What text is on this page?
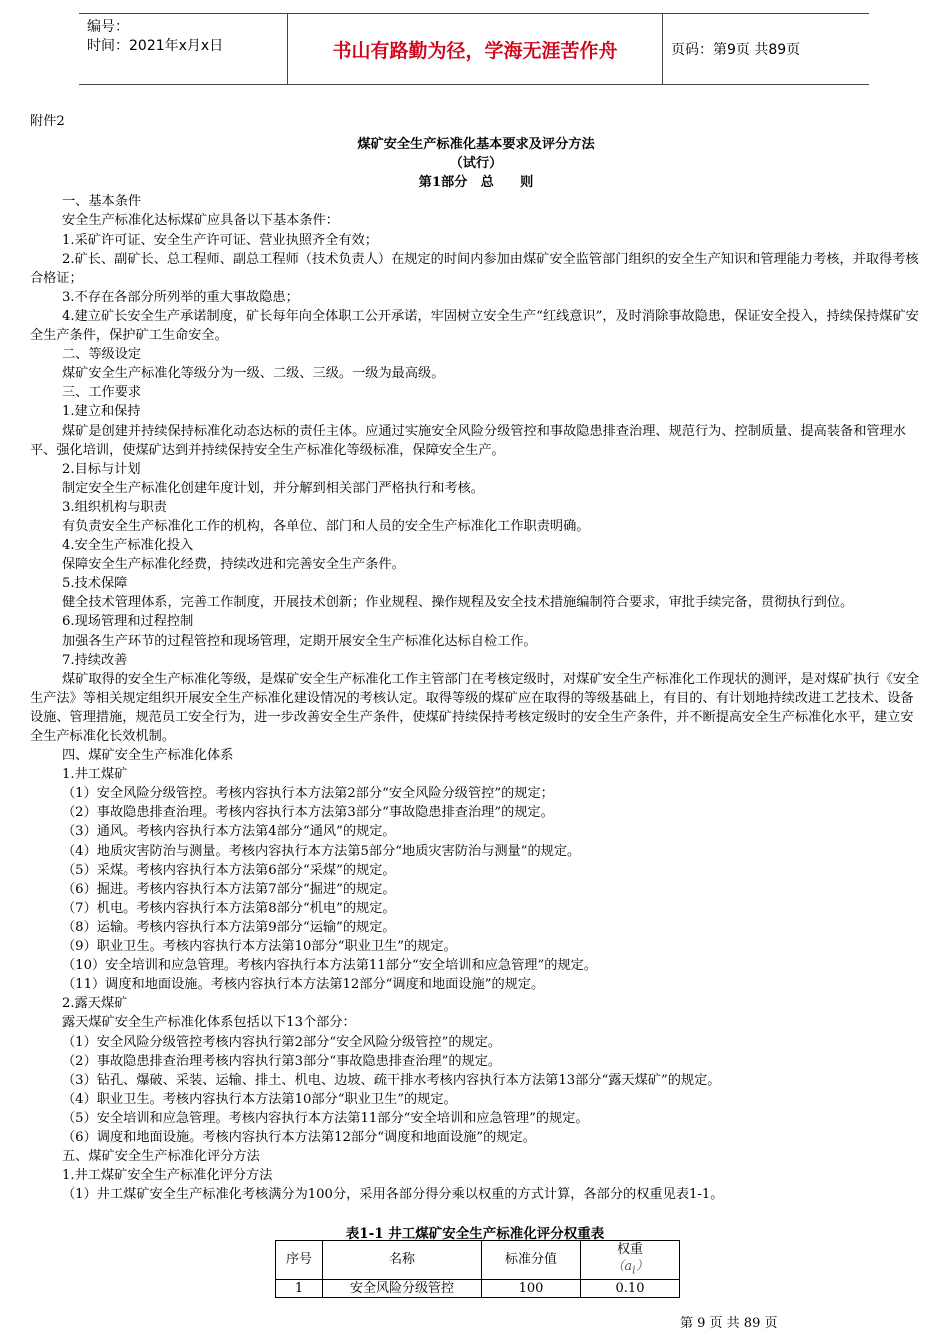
编号：
时间：2021年x月x日	书山有路勤为径，学海无涯苦作舟	页码：第9页 共89页

附件2

煤矿安全生产标准化基本要求及评分方法

（试行）

第1部分　总　　则

一、基本条件

安全生产标准化达标煤矿应具备以下基本条件：

1.采矿许可证、安全生产许可证、营业执照齐全有效；

2.矿长、副矿长、总工程师、副总工程师（技术负责人）在规定的时间内参加由煤矿安全监管部门组织的安全生产知识和管理能力考核，并取得考核合格证；

3.不存在各部分所列举的重大事故隐患；

4.建立矿长安全生产承诺制度，矿长每年向全体职工公开承诺，牢固树立安全生产“红线意识”，及时消除事故隐患，保证安全投入，持续保持煤矿安全生产条件，保护矿工生命安全。

二、等级设定

煤矿安全生产标准化等级分为一级、二级、三级。一级为最高级。

三、工作要求

1.建立和保持

煤矿是创建并持续保持标准化动态达标的责任主体。应通过实施安全风险分级管控和事故隐患排查治理、规范行为、控制质量、提高装备和管理水平、强化培训，使煤矿达到并持续保持安全生产标准化等级标准，保障安全生产。

2.目标与计划

制定安全生产标准化创建年度计划，并分解到相关部门严格执行和考核。

3.组织机构与职责

有负责安全生产标准化工作的机构，各单位、部门和人员的安全生产标准化工作职责明确。

4.安全生产标准化投入

保障安全生产标准化经费，持续改进和完善安全生产条件。

5.技术保障

健全技术管理体系，完善工作制度，开展技术创新；作业规程、操作规程及安全技术措施编制符合要求，审批手续完备，贯彻执行到位。

6.现场管理和过程控制

加强各生产环节的过程管控和现场管理，定期开展安全生产标准化达标自检工作。

7.持续改善

煤矿取得的安全生产标准化等级，是煤矿安全生产标准化工作主管部门在考核定级时，对煤矿安全生产标准化工作现状的测评，是对煤矿执行《安全生产法》等相关规定组织开展安全生产标准化建设情况的考核认定。取得等级的煤矿应在取得的等级基础上，有目的、有计划地持续改进工艺技术、设备设施、管理措施，规范员工安全行为，进一步改善安全生产条件，使煤矿持续保持考核定级时的安全生产条件，并不断提高安全生产标准化水平，建立安全生产标准化长效机制。

四、煤矿安全生产标准化体系

1.井工煤矿

（1）安全风险分级管控。考核内容执行本方法第2部分“安全风险分级管控”的规定；

（2）事故隐患排查治理。考核内容执行本方法第3部分“事故隐患排查治理”的规定。

（3）通风。考核内容执行本方法第4部分“通风”的规定。

（4）地质灾害防治与测量。考核内容执行本方法第5部分“地质灾害防治与测量”的规定。

（5）采煤。考核内容执行本方法第6部分“采煤”的规定。

（6）掘进。考核内容执行本方法第7部分“掘进”的规定。

（7）机电。考核内容执行本方法第8部分“机电”的规定。

（8）运输。考核内容执行本方法第9部分“运输”的规定。

（9）职业卫生。考核内容执行本方法第10部分“职业卫生”的规定。

（10）安全培训和应急管理。考核内容执行本方法第11部分“安全培训和应急管理”的规定。

（11）调度和地面设施。考核内容执行本方法第12部分“调度和地面设施”的规定。

2.露天煤矿

露天煤矿安全生产标准化体系包括以下13个部分：

（1）安全风险分级管控考核内容执行第2部分“安全风险分级管控”的规定。

（2）事故隐患排查治理考核内容执行第3部分“事故隐患排查治理”的规定。

（3）钻孔、爆破、采装、运输、排土、机电、边坡、疏干排水考核内容执行本方法第13部分“露天煤矿”的规定。

（4）职业卫生。考核内容执行本方法第10部分“职业卫生”的规定。

（5）安全培训和应急管理。考核内容执行本方法第11部分“安全培训和应急管理”的规定。

（6）调度和地面设施。考核内容执行本方法第12部分“调度和地面设施”的规定。

五、煤矿安全生产标准化评分方法

1.井工煤矿安全生产标准化评分方法

（1）井工煤矿安全生产标准化考核满分为100分，采用各部分得分乘以权重的方式计算，各部分的权重见表1-1。

表1-1 井工煤矿安全生产标准化评分权重表
序号	名称	标准分值	权重
$(a_i)$
1	安全风险分级管控	100	0.10
第 9 页 共 89 页
